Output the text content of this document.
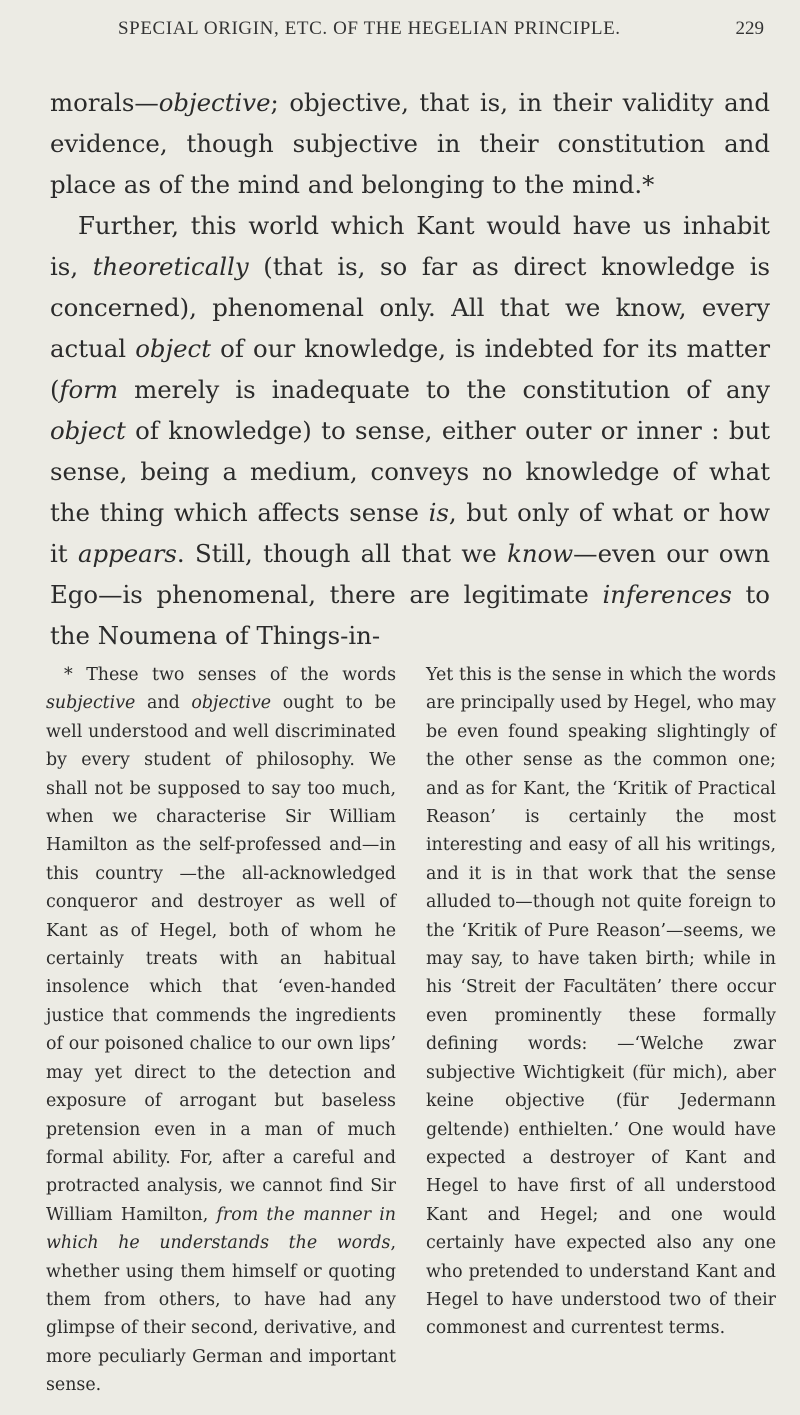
SPECIAL ORIGIN, ETC. OF THE HEGELIAN PRINCIPLE.	229

morals—objective; objective, that is, in their validity and evidence, though subjective in their constitution and place as of the mind and belonging to the mind.*

Further, this world which Kant would have us inhabit is, theoretically (that is, so far as direct knowledge is concerned), phenomenal only. All that we know, every actual object of our knowledge, is indebted for its matter (form merely is inadequate to the constitution of any object of knowledge) to sense, either outer or inner : but sense, being a medium, conveys no knowledge of what the thing which affects sense is, but only of what or how it appears. Still, though all that we know—even our own Ego—is phenomenal, there are legitimate inferences to the Noumena of Things-in-

* These two senses of the words subjective and objective ought to be well understood and well discriminated by every student of philosophy. We shall not be supposed to say too much, when we characterise Sir William Hamilton as the self-professed and—in this country —the all-acknowledged conqueror and destroyer as well of Kant as of Hegel, both of whom he certainly treats with an habitual insolence which that ‘even-handed justice that commends the ingredients of our poisoned chalice to our own lips’ may yet direct to the detection and exposure of arrogant but baseless pretension even in a man of much formal ability. For, after a careful and protracted analysis, we cannot find Sir William Hamilton, from the manner in which he understands the words, whether using them himself or quoting them from others, to have had any glimpse of their second, derivative, and more peculiarly German and important sense.

Yet this is the sense in which the words are principally used by Hegel, who may be even found speaking slightingly of the other sense as the common one; and as for Kant, the ‘Kritik of Practical Reason’ is certainly the most interesting and easy of all his writings, and it is in that work that the sense alluded to—though not quite foreign to the ‘Kritik of Pure Reason’—seems, we may say, to have taken birth; while in his ‘Streit der Facultäten’ there occur even prominently these formally defining words: —‘Welche zwar subjective Wichtigkeit (für mich), aber keine objective (für Jedermann geltende) enthielten.’ One would have expected a destroyer of Kant and Hegel to have first of all understood Kant and Hegel; and one would certainly have expected also any one who pretended to understand Kant and Hegel to have understood two of their commonest and currentest terms.
